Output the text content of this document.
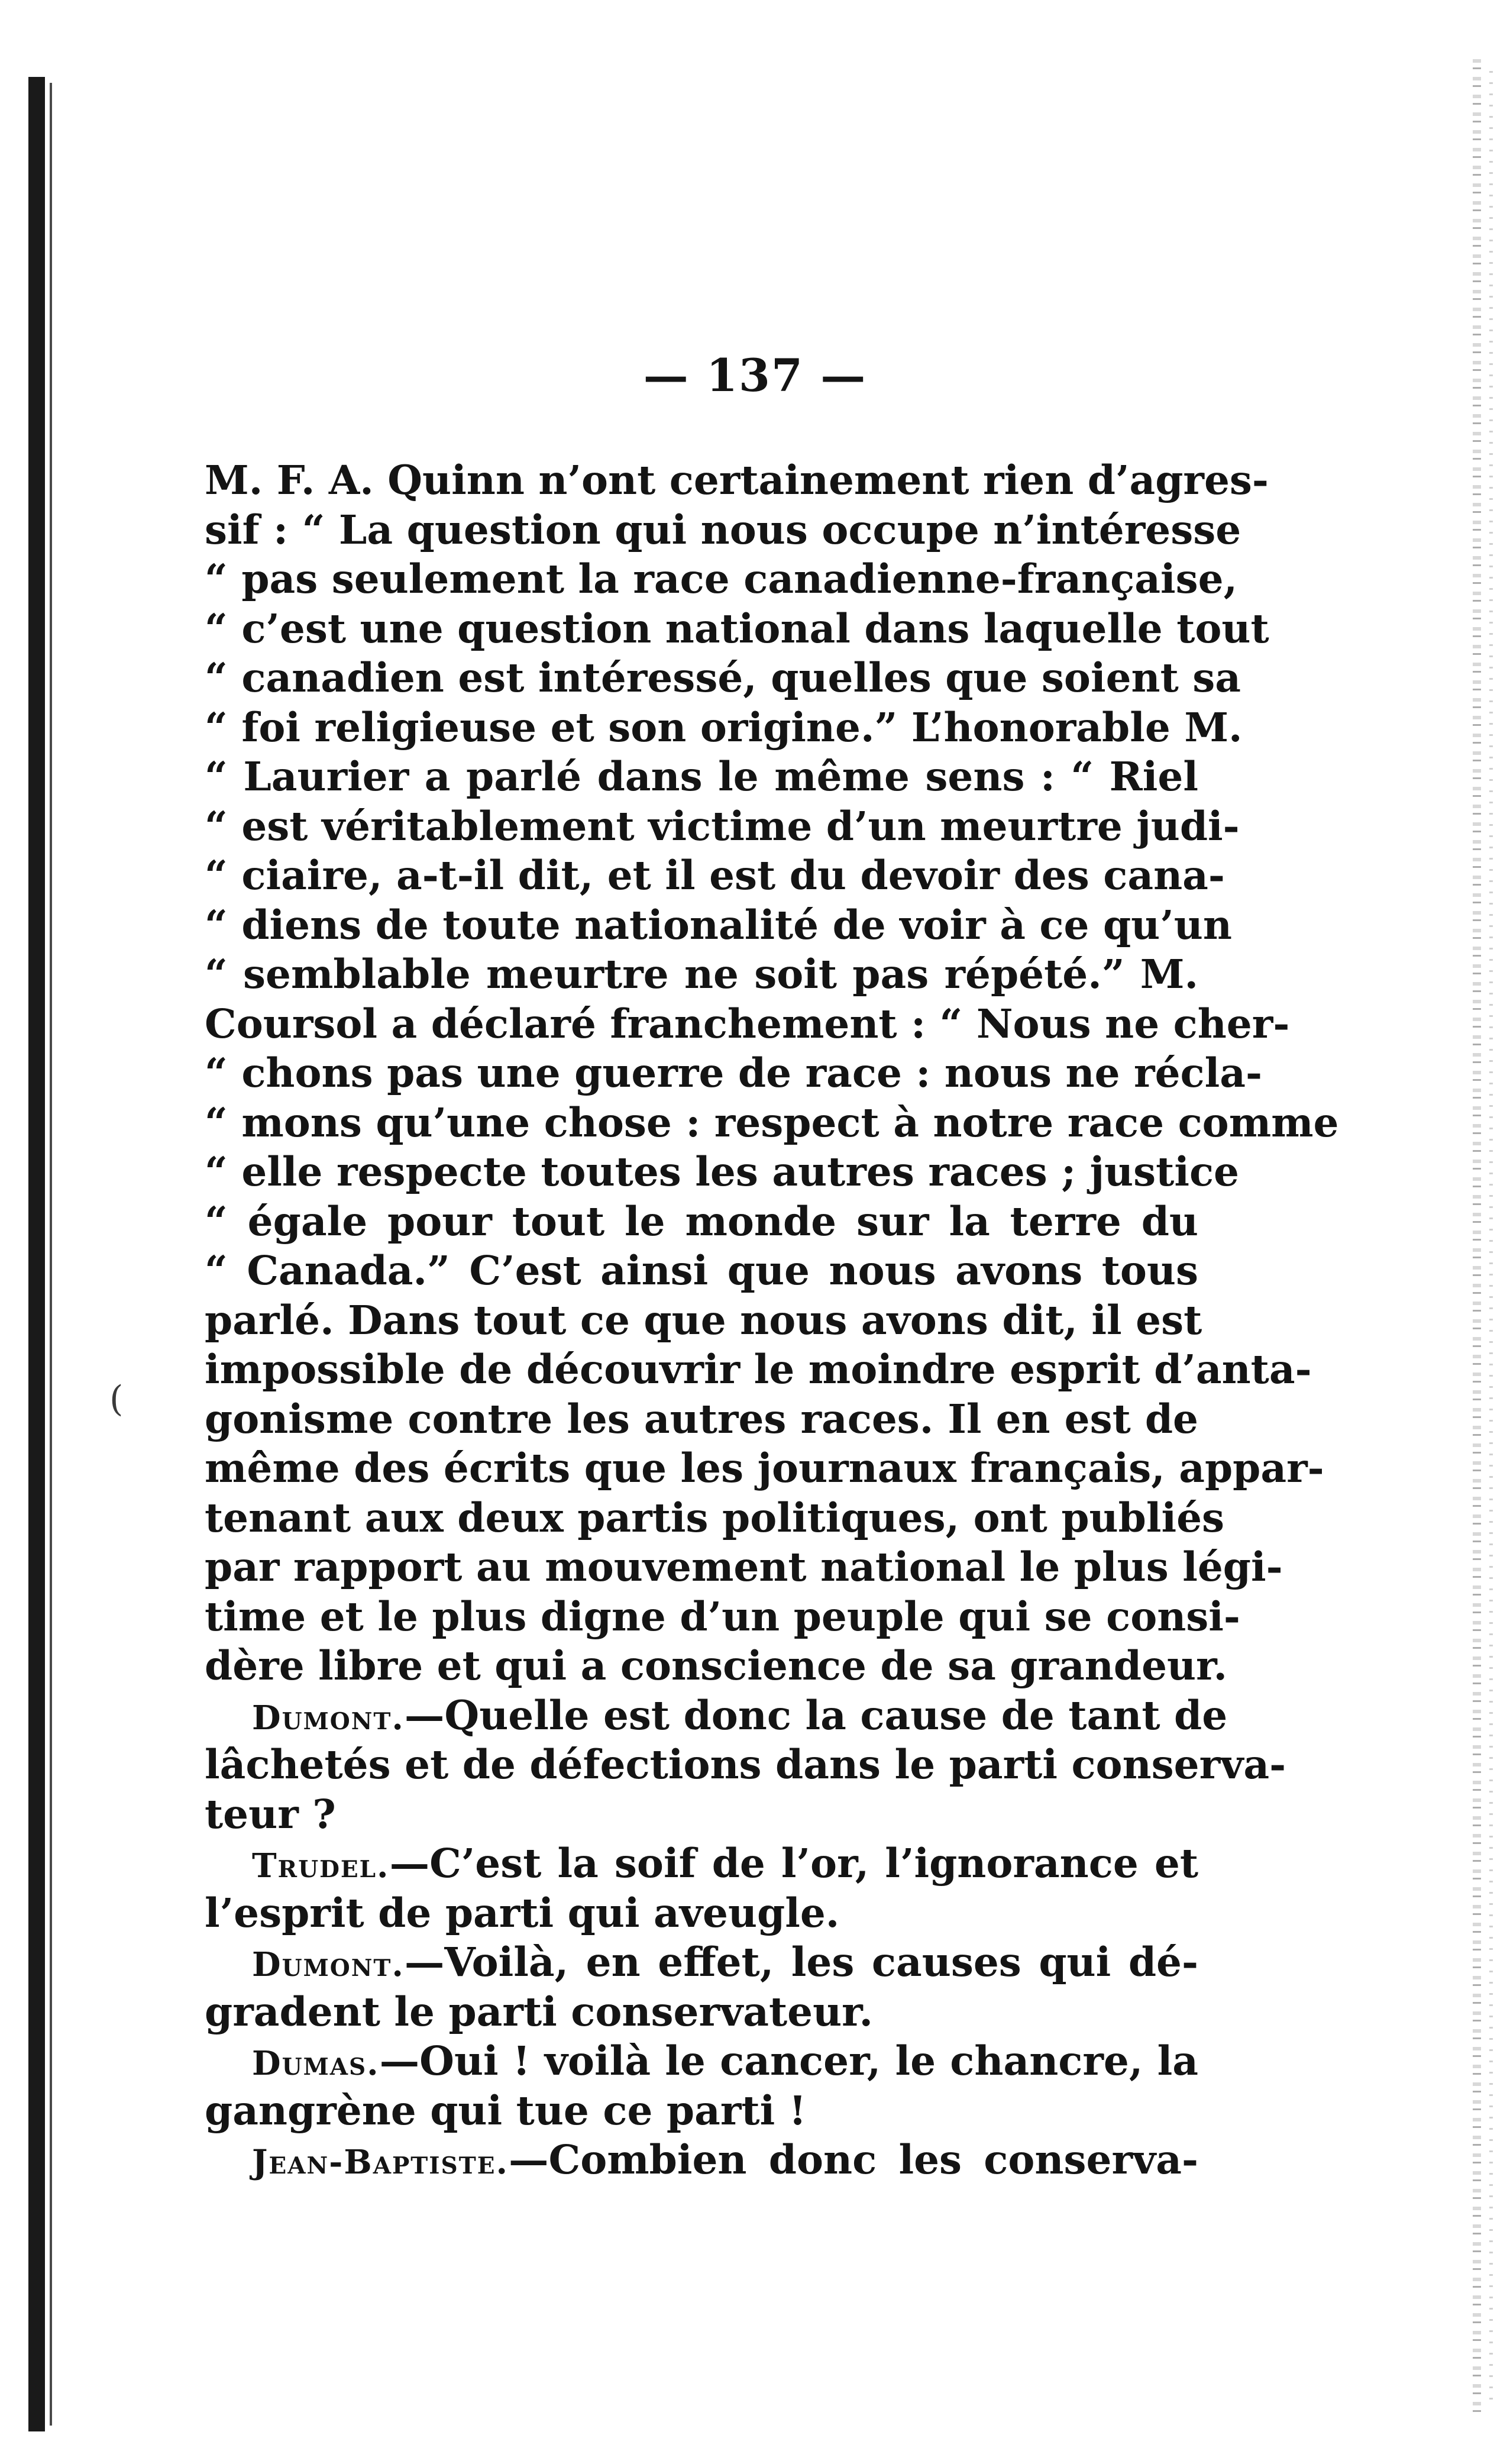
— 137 —
M. F. A. Quinn n’ont certainement rien d’agres-
sif : “ La question qui nous occupe n’intéresse
“ pas seulement la race canadienne-française,
“ c’est une question national dans laquelle tout
“ canadien est intéressé, quelles que soient sa
“ foi religieuse et son origine.” L’honorable M.
“ Laurier a parlé dans le même sens : “ Riel
“ est véritablement victime d’un meurtre judi-
“ ciaire, a-t-il dit, et il est du devoir des cana-
“ diens de toute nationalité de voir à ce qu’un
“ semblable meurtre ne soit pas répété.” M.
Coursol a déclaré franchement : “ Nous ne cher-
“ chons pas une guerre de race : nous ne récla-
“ mons qu’une chose : respect à notre race comme
“ elle respecte toutes les autres races ; justice
“ égale pour tout le monde sur la terre du
“ Canada.” C’est ainsi que nous avons tous
parlé. Dans tout ce que nous avons dit, il est
impossible de découvrir le moindre esprit d’anta-
gonisme contre les autres races. Il en est de
même des écrits que les journaux français, appar-
tenant aux deux partis politiques, ont publiés
par rapport au mouvement national le plus légi-
time et le plus digne d’un peuple qui se consi-
dère libre et qui a conscience de sa grandeur.
Dumont.—Quelle est donc la cause de tant de
lâchetés et de défections dans le parti conserva-
teur ?
Trudel.—C’est la soif de l’or, l’ignorance et
l’esprit de parti qui aveugle.
Dumont.—Voilà, en effet, les causes qui dé-
gradent le parti conservateur.
Dumas.—Oui ! voilà le cancer, le chancre, la
gangrène qui tue ce parti !
Jean-Baptiste.—Combien donc les conserva-
(
